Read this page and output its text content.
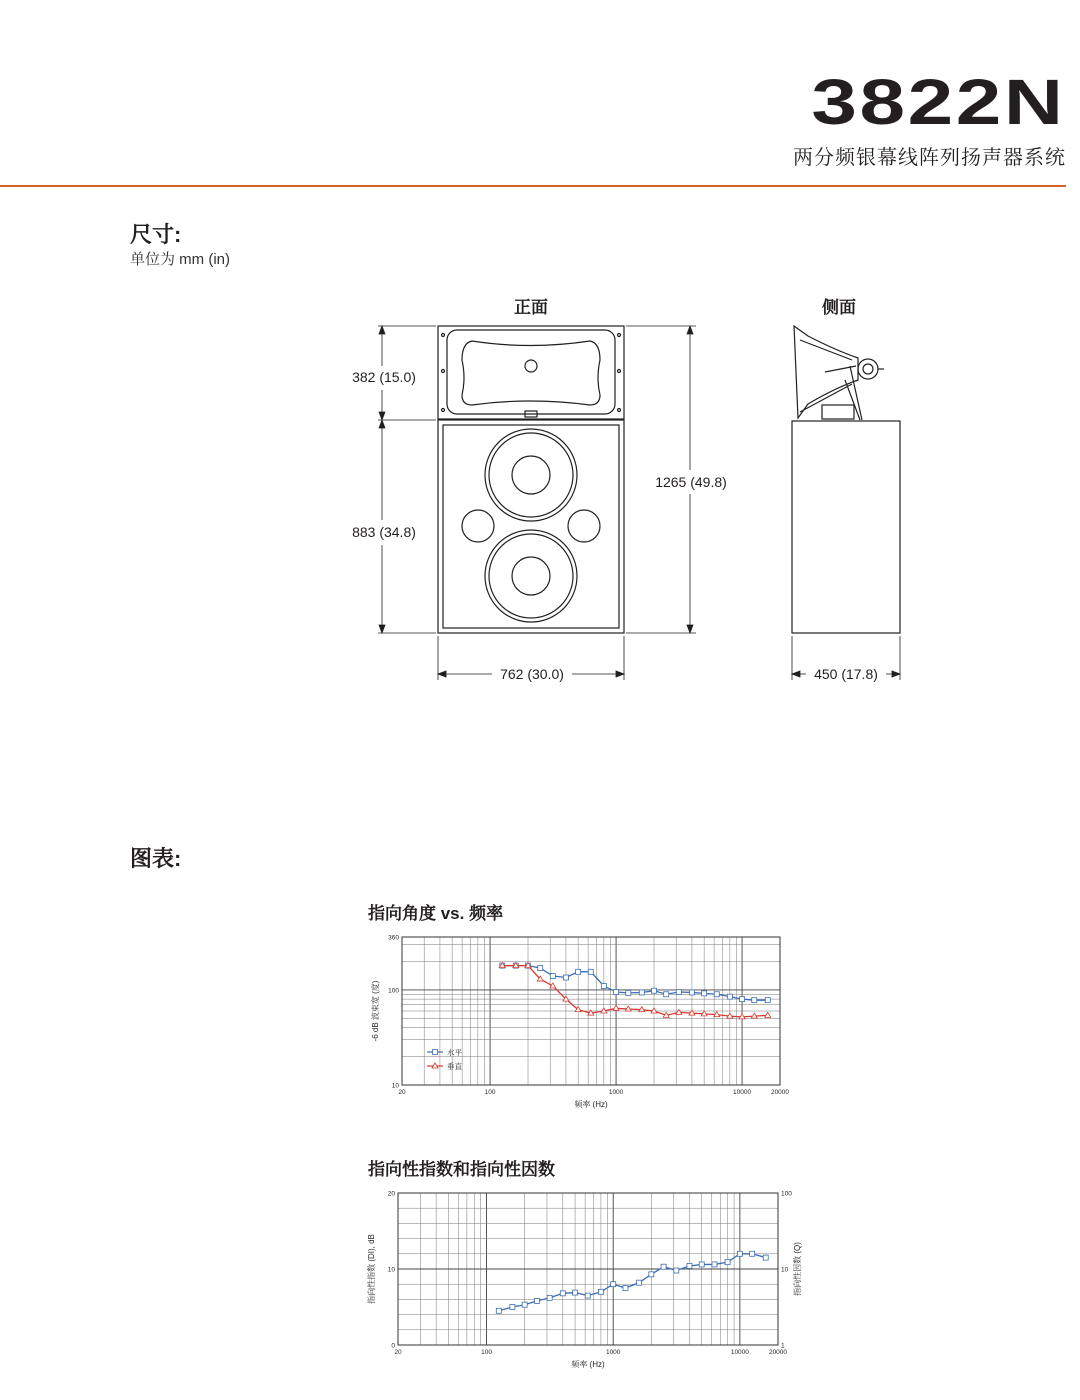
3822N
两分频银幕线阵列扬声器系统
尺寸:
单位为 mm (in)
正面	侧面
382 (15.0)
883 (34.8)
1265 (49.8)
762 (30.0)	450 (17.8)
图表:
指向角度 vs. 频率
20	100	1000	10000	20000
10
100
360
频率 (Hz)
-6 dB 波束宽 (度)
水平
垂直
指向性指数和指向性因数
20	100	1000	10000	20000
0
10
20
1
10
100
指向性因数 (Q)
频率 (Hz)
指向性指数 (DI), dB
